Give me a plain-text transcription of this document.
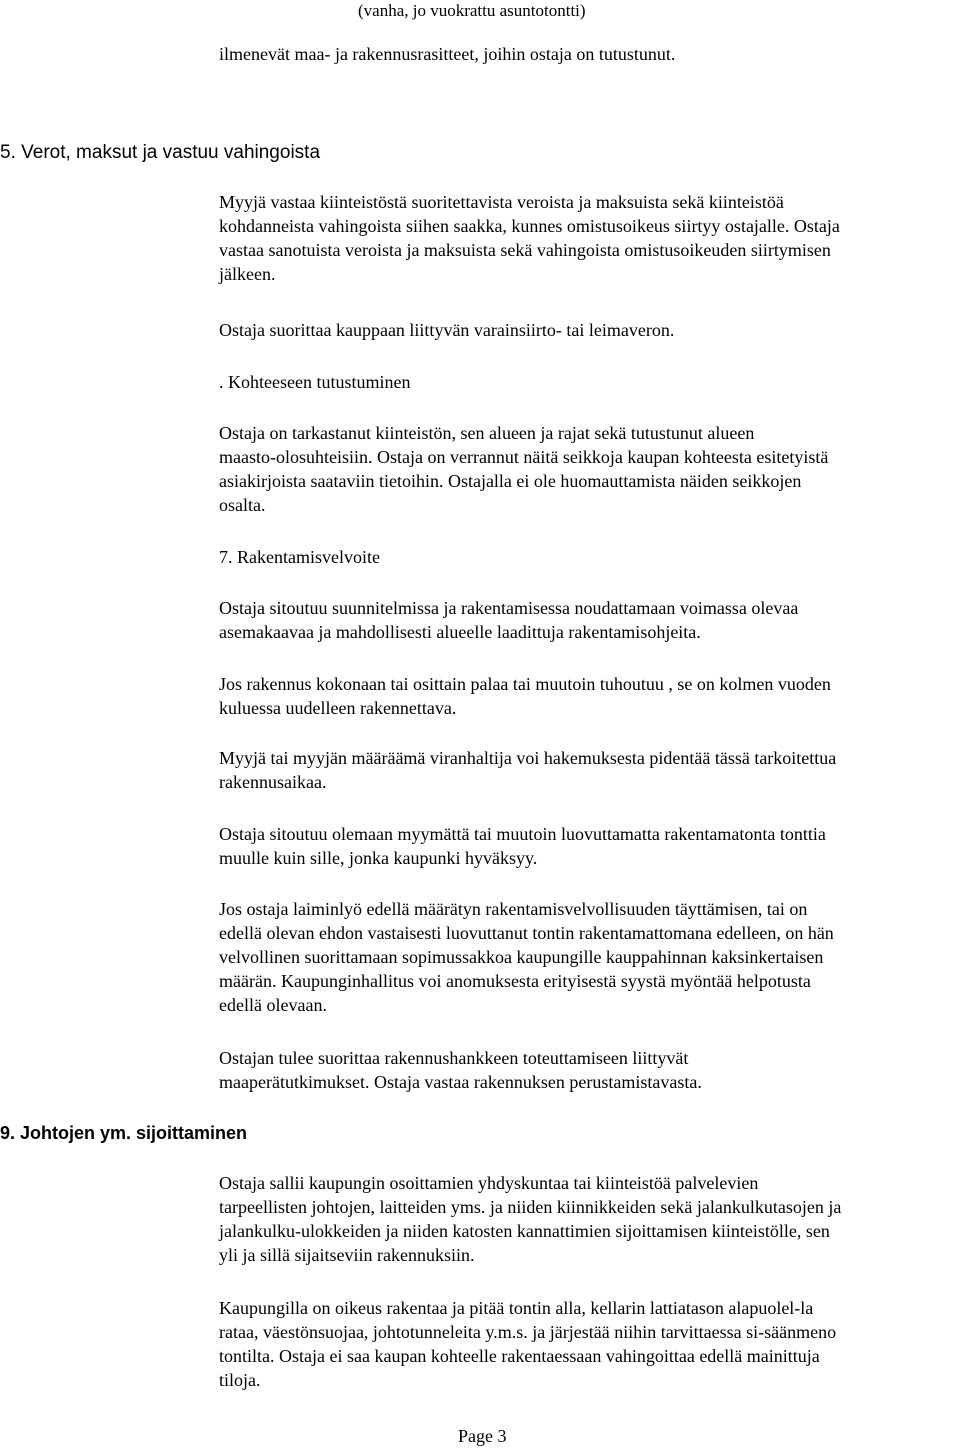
(vanha, jo vuokrattu asuntotontti)
ilmenevät maa- ja rakennusrasitteet, joihin ostaja on tutustunut.
5. Verot, maksut ja vastuu vahingoista
Myyjä vastaa kiinteistöstä suoritettavista veroista ja maksuista sekä kiinteistöä
kohdanneista vahingoista siihen saakka, kunnes omistusoikeus siirtyy ostajalle. Ostaja
vastaa sanotuista veroista ja maksuista sekä vahingoista omistusoikeuden siirtymisen
jälkeen.
Ostaja suorittaa kauppaan liittyvän varainsiirto- tai leimaveron.
. Kohteeseen tutustuminen
Ostaja on tarkastanut kiinteistön, sen alueen ja rajat sekä tutustunut alueen
maasto-olosuhteisiin. Ostaja on verrannut näitä seikkoja kaupan kohteesta esitetyistä
asiakirjoista saataviin tietoihin. Ostajalla ei ole huomauttamista näiden seikkojen
osalta.
7. Rakentamisvelvoite
Ostaja sitoutuu suunnitelmissa ja rakentamisessa noudattamaan voimassa olevaa
asemakaavaa ja mahdollisesti alueelle laadittuja rakentamisohjeita.
Jos rakennus kokonaan tai osittain palaa tai muutoin tuhoutuu , se on kolmen vuoden
kuluessa uudelleen rakennettava.
Myyjä tai myyjän määräämä viranhaltija voi hakemuksesta pidentää tässä tarkoitettua
rakennusaikaa.
Ostaja sitoutuu olemaan myymättä tai muutoin luovuttamatta rakentamatonta tonttia
muulle kuin sille, jonka kaupunki hyväksyy.
Jos ostaja laiminlyö edellä määrätyn rakentamisvelvollisuuden täyttämisen, tai on
edellä olevan ehdon vastaisesti luovuttanut tontin rakentamattomana edelleen, on hän
velvollinen suorittamaan sopimussakkoa kaupungille kauppahinnan kaksinkertaisen
määrän. Kaupunginhallitus voi anomuksesta erityisestä syystä myöntää helpotusta
edellä olevaan.
Ostajan tulee suorittaa rakennushankkeen toteuttamiseen liittyvät
maaperätutkimukset. Ostaja vastaa rakennuksen perustamistavasta.
9. Johtojen ym. sijoittaminen
Ostaja sallii kaupungin osoittamien yhdyskuntaa tai kiinteistöä palvelevien
tarpeellisten johtojen, laitteiden yms. ja niiden kiinnikkeiden sekä jalankulkutasojen ja
jalankulku-ulokkeiden ja niiden katosten kannattimien sijoittamisen kiinteistölle, sen
yli ja sillä sijaitseviin rakennuksiin.
Kaupungilla on oikeus rakentaa ja pitää tontin alla, kellarin lattiatason alapuolel-la
rataa, väestönsuojaa, johtotunneleita y.m.s. ja järjestää niihin tarvittaessa si-säänmeno
tontilta. Ostaja ei saa kaupan kohteelle rakentaessaan vahingoittaa edellä mainittuja
tiloja.
Page 3
